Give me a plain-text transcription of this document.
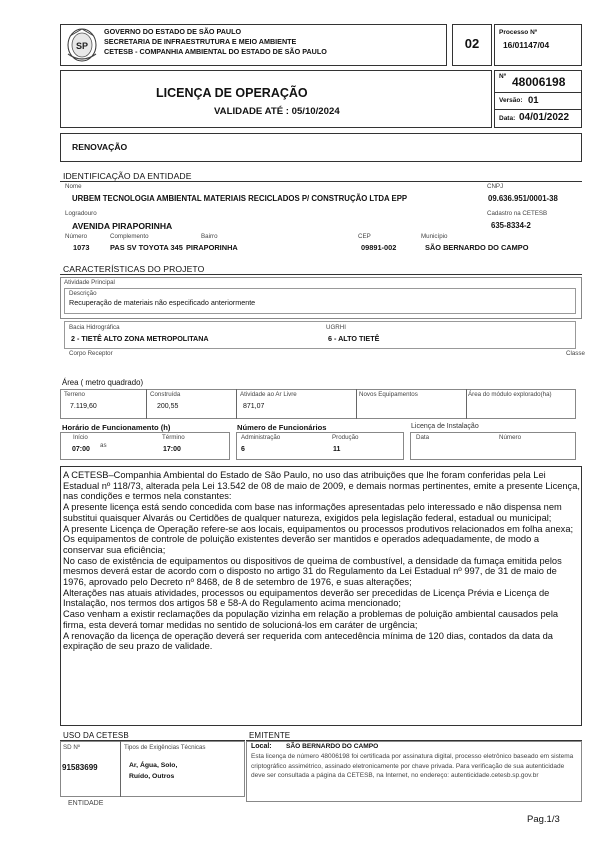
SP
GOVERNO DO ESTADO DE SÃO PAULO
SECRETARIA DE INFRAESTRUTURA E MEIO AMBIENTE
CETESB - COMPANHIA AMBIENTAL DO ESTADO DE SÃO PAULO
02
Processo Nº
16/01147/04
LICENÇA DE OPERAÇÃO
VALIDADE ATÉ : 05/10/2024
Nº 48006198
Versão: 01
Data: 04/01/2022
RENOVAÇÃO
IDENTIFICAÇÃO DA ENTIDADE
Nome
URBEM TECNOLOGIA AMBIENTAL MATERIAIS RECICLADOS P/ CONSTRUÇÃO LTDA EPP
CNPJ
09.636.951/0001-38
Logradouro
AVENIDA PIRAPORINHA
Cadastro na CETESB
635-8334-2
Número
1073
Complemento
PAS SV TOYOTA 345
Bairro
PIRAPORINHA
CEP
09891-002
Município
SÃO BERNARDO DO CAMPO
CARACTERÍSTICAS DO PROJETO
Atividade Principal
Descrição
Recuperação de materiais não especificado anteriormente
Bacia Hidrográfica
2 - TIETÊ ALTO ZONA METROPOLITANA
UGRHI
6 - ALTO TIETÊ
Corpo Receptor	Classe
Área ( metro quadrado)
Terreno
7.119,60
Construída
200,55
Atividade ao Ar Livre
871,07
Novos Equipamentos	Área do módulo explorado(ha)
Horário de Funcionamento (h)
Início
07:00
as
Término
17:00
Número de Funcionários
Administração
6
Produção
11
Licença de Instalação
Data	Número

A CETESB–Companhia Ambiental do Estado de São Paulo, no uso das atribuições que lhe foram conferidas pela Lei Estadual nº 118/73, alterada pela Lei 13.542 de 08 de maio de 2009, e demais normas pertinentes, emite a presente Licença, nas condições e termos nela constantes:

A presente licença está sendo concedida com base nas informações apresentadas pelo interessado e não dispensa nem substitui quaisquer Alvarás ou Certidões de qualquer natureza, exigidos pela legislação federal, estadual ou municipal;

A presente Licença de Operação refere-se aos locais, equipamentos ou processos produtivos relacionados em folha anexa;

Os equipamentos de controle de poluição existentes deverão ser mantidos e operados adequadamente, de modo a conservar sua eficiência;

No caso de existência de equipamentos ou dispositivos de queima de combustível, a densidade da fumaça emitida pelos mesmos deverá estar de acordo com o disposto no artigo 31 do Regulamento da Lei Estadual nº 997, de 31 de maio de 1976, aprovado pelo Decreto nº 8468, de 8 de setembro de 1976, e suas alterações;

Alterações nas atuais atividades, processos ou equipamentos deverão ser precedidas de Licença Prévia e Licença de Instalação, nos termos dos artigos 58 e 58-A do Regulamento acima mencionado;

Caso venham a existir reclamações da população vizinha em relação a problemas de poluição ambiental causados pela firma, esta deverá tomar medidas no sentido de solucioná-los em caráter de urgência;

A renovação da licença de operação deverá ser requerida com antecedência mínima de 120 dias, contados da data da expiração de seu prazo de validade.

USO DA CETESB
SD Nº
91583699
Tipos de Exigências Técnicas
Ar, Água, Solo,
Ruído, Outros
EMITENTE
Local: SÃO BERNARDO DO CAMPO
Esta licença de número 48006198 foi certificada por assinatura digital, processo eletrônico baseado em sistema criptográfico assimétrico, assinado eletronicamente por chave privada. Para verificação de sua autenticidade deve ser consultada a página da CETESB, na Internet, no endereço: autenticidade.cetesb.sp.gov.br
ENTIDADE
Pag.1/3
